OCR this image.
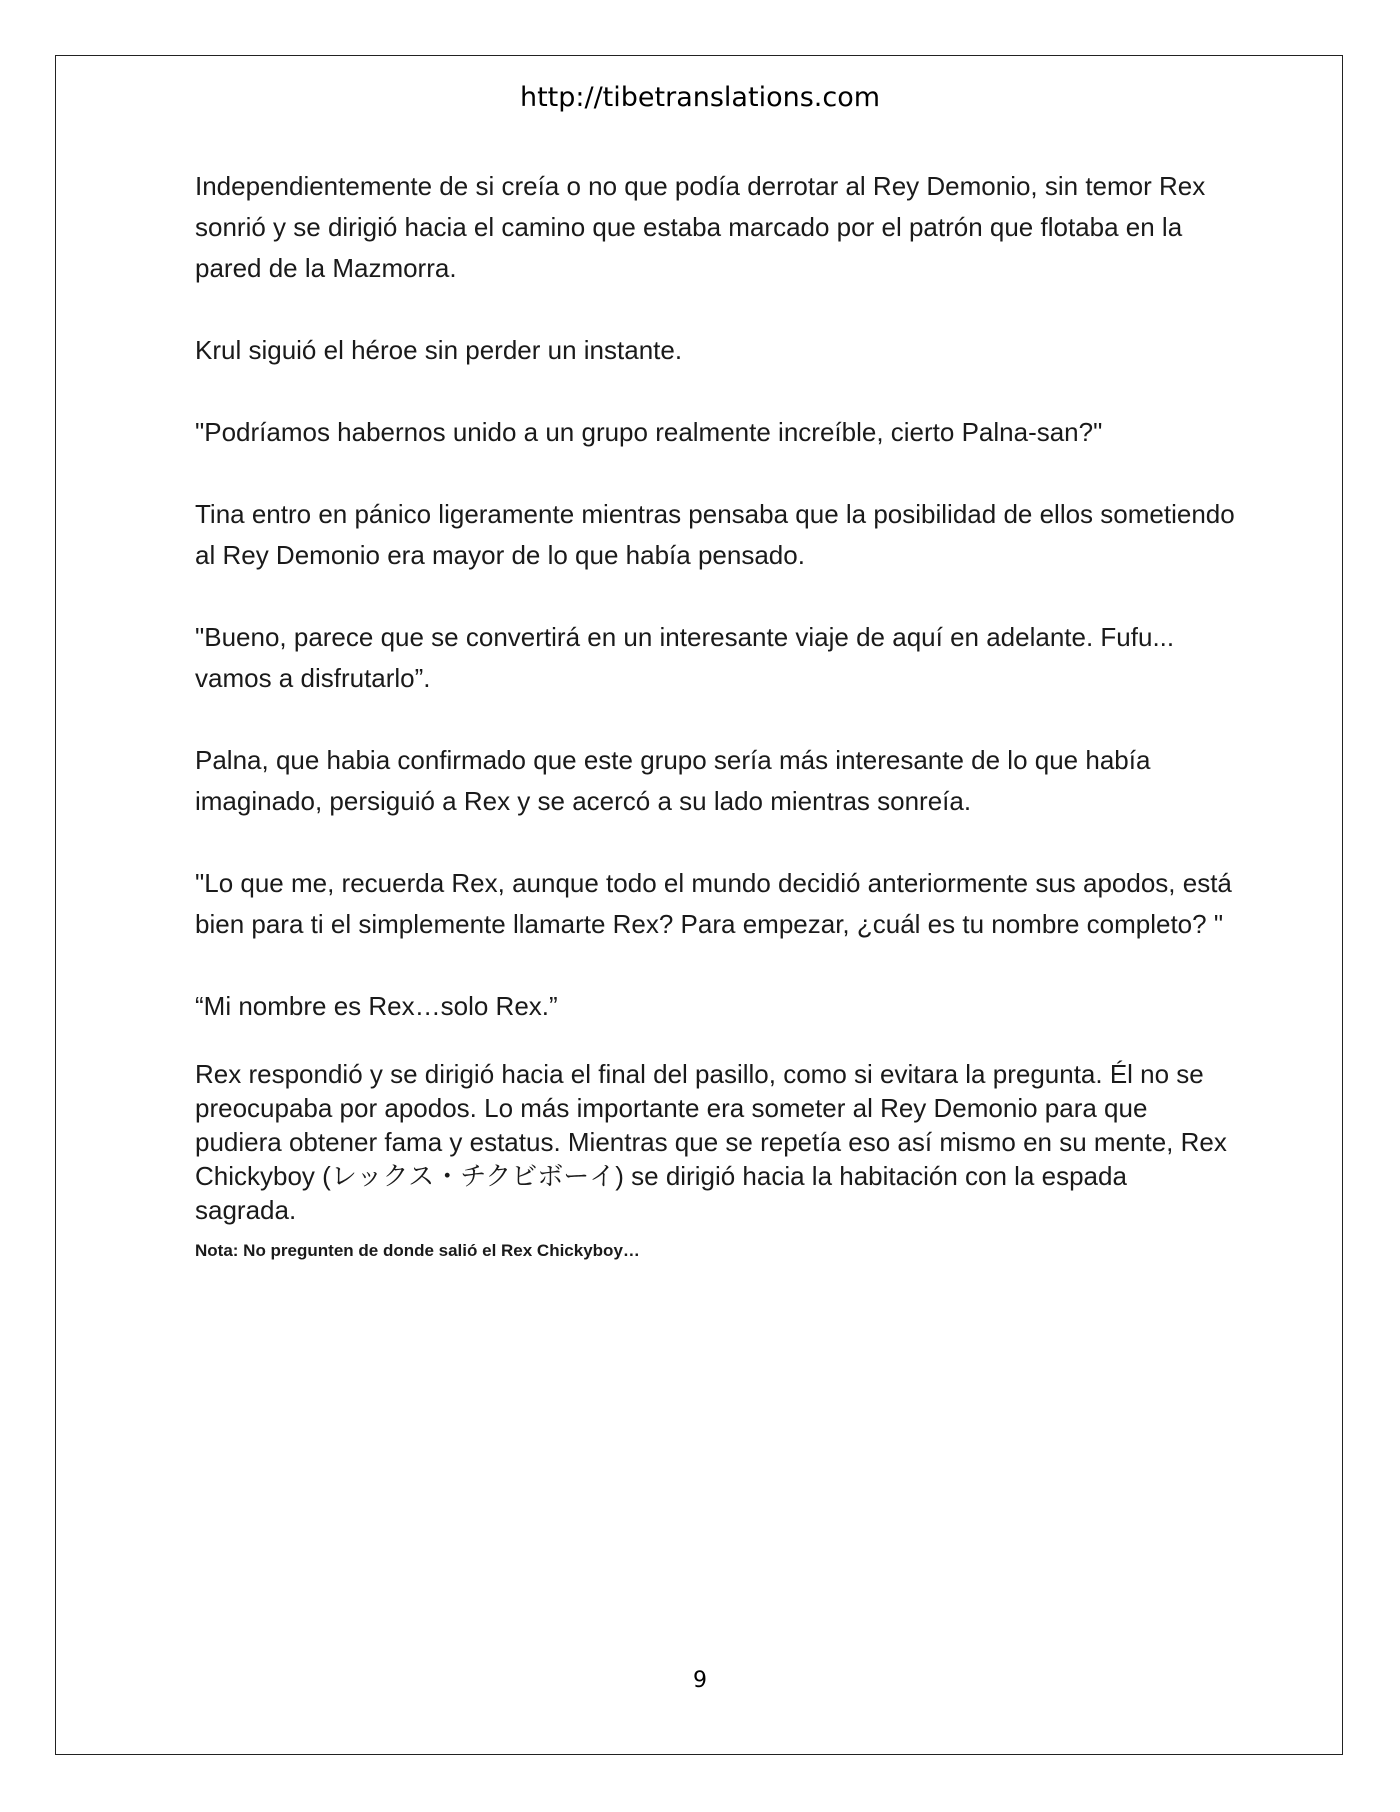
http://tibetranslations.com

Independientemente de si creía o no que podía derrotar al Rey Demonio, sin temor Rex sonrió y se dirigió hacia el camino que estaba marcado por el patrón que flotaba en la pared de la Mazmorra.

Krul siguió el héroe sin perder un instante.

"Podríamos habernos unido a un grupo realmente increíble, cierto Palna-san?"

Tina entro en pánico ligeramente mientras pensaba que la posibilidad de ellos sometiendo al Rey Demonio era mayor de lo que había pensado.

"Bueno, parece que se convertirá en un interesante viaje de aquí en adelante. Fufu... vamos a disfrutarlo”.

Palna, que habia confirmado que este grupo sería más interesante de lo que había imaginado, persiguió a Rex y se acercó a su lado mientras sonreía.

"Lo que me, recuerda Rex, aunque todo el mundo decidió anteriormente sus apodos, está bien para ti el simplemente llamarte Rex? Para empezar, ¿cuál es tu nombre completo? "

“Mi nombre es Rex…solo Rex.”

Rex respondió y se dirigió hacia el final del pasillo, como si evitara la pregunta. Él no se preocupaba por apodos. Lo más importante era someter al Rey Demonio para que pudiera obtener fama y estatus. Mientras que se repetía eso así mismo en su mente, Rex Chickyboy (レックス・チクビボーイ) se dirigió hacia la habitación con la espada sagrada.

Nota: No pregunten de donde salió el Rex Chickyboy…

9
